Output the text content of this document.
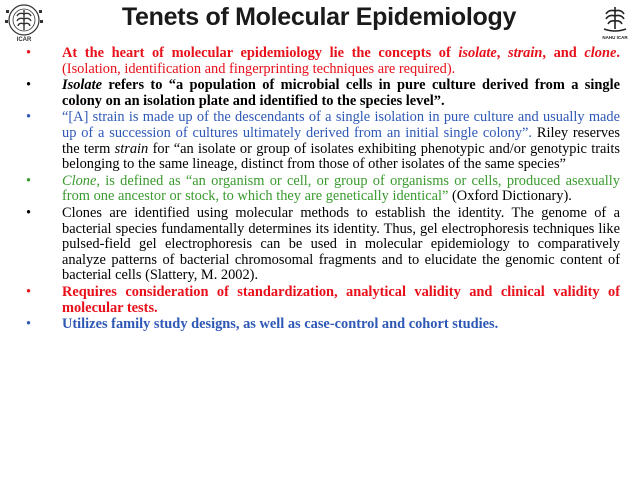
ICAR
Tenets of Molecular Epidemiology
NAHU ICAR
• At the heart of molecular epidemiology lie the concepts of isolate, strain, and clone. (Isolation, identification and fingerprinting techniques are required).
• Isolate refers to “a population of microbial cells in pure culture derived from a single colony on an isolation plate and identified to the species level”.
• “[A] strain is made up of the descendants of a single isolation in pure culture and usually made up of a succession of cultures ultimately derived from an initial single colony”. Riley reserves the term strain for “an isolate or group of isolates exhibiting phenotypic and/or genotypic traits belonging to the same lineage, distinct from those of other isolates of the same species”
• Clone, is defined as “an organism or cell, or group of organisms or cells, produced asexually from one ancestor or stock, to which they are genetically identical” (Oxford Dictionary).
• Clones are identified using molecular methods to establish the identity. The genome of a bacterial species fundamentally determines its identity. Thus, gel electrophoresis techniques like pulsed-field gel electrophoresis can be used in molecular epidemiology to comparatively analyze patterns of bacterial chromosomal fragments and to elucidate the genomic content of bacterial cells (Slattery, M. 2002).
• Requires consideration of standardization, analytical validity and clinical validity of molecular tests.
• Utilizes family study designs, as well as case-control and cohort studies.
